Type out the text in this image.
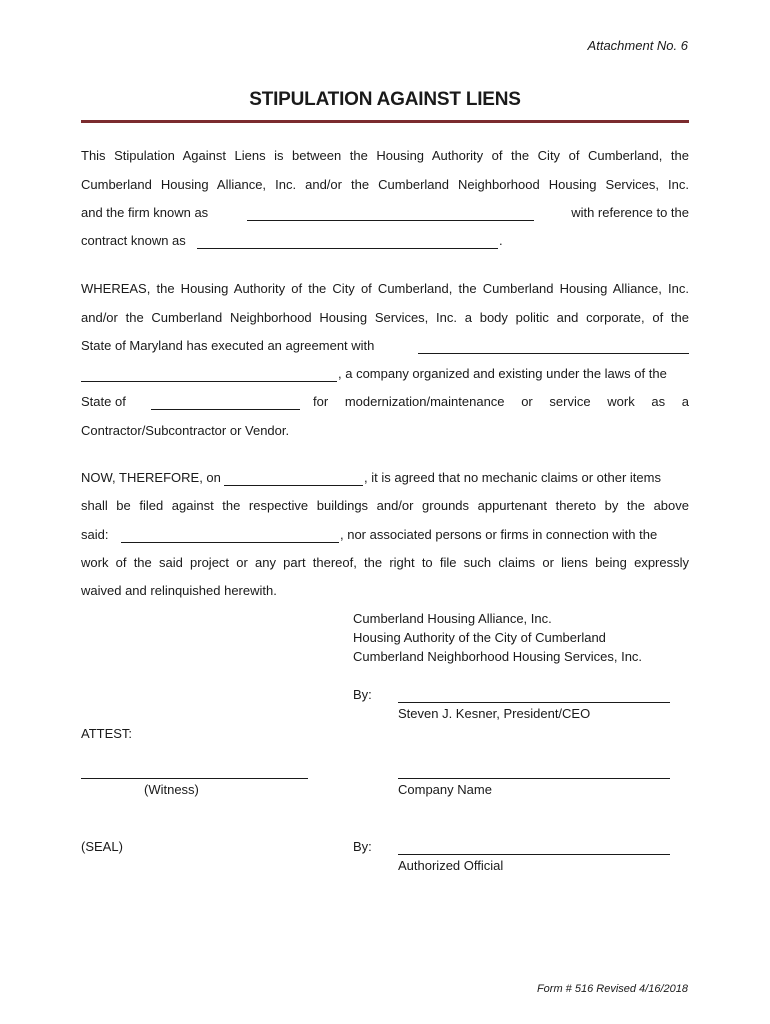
Attachment No. 6
STIPULATION AGAINST LIENS
This Stipulation Against Liens is between the Housing Authority of the City of Cumberland, the
Cumberland Housing Alliance, Inc. and/or the Cumberland Neighborhood Housing Services, Inc.
and the firm known as	with reference to the
contract known as	.
WHEREAS, the Housing Authority of the City of Cumberland, the Cumberland Housing Alliance, Inc.
and/or the Cumberland Neighborhood Housing Services, Inc. a body politic and corporate, of the
State of Maryland has executed an agreement with
, a company organized and existing under the laws of the
State of	for modernization/maintenance or service work as a
Contractor/Subcontractor or Vendor.
NOW, THEREFORE, on	, it is agreed that no mechanic claims or other items
shall be filed against the respective buildings and/or grounds appurtenant thereto by the above
said:	, nor associated persons or firms in connection with the
work of the said project or any part thereof, the right to file such claims or liens being expressly
waived and relinquished herewith.
Cumberland Housing Alliance, Inc.
Housing Authority of the City of Cumberland
Cumberland Neighborhood Housing Services, Inc.
By:
Steven J. Kesner, President/CEO
ATTEST:
(Witness)	Company Name
(SEAL)	By:
Authorized Official
Form # 516 Revised 4/16/2018
